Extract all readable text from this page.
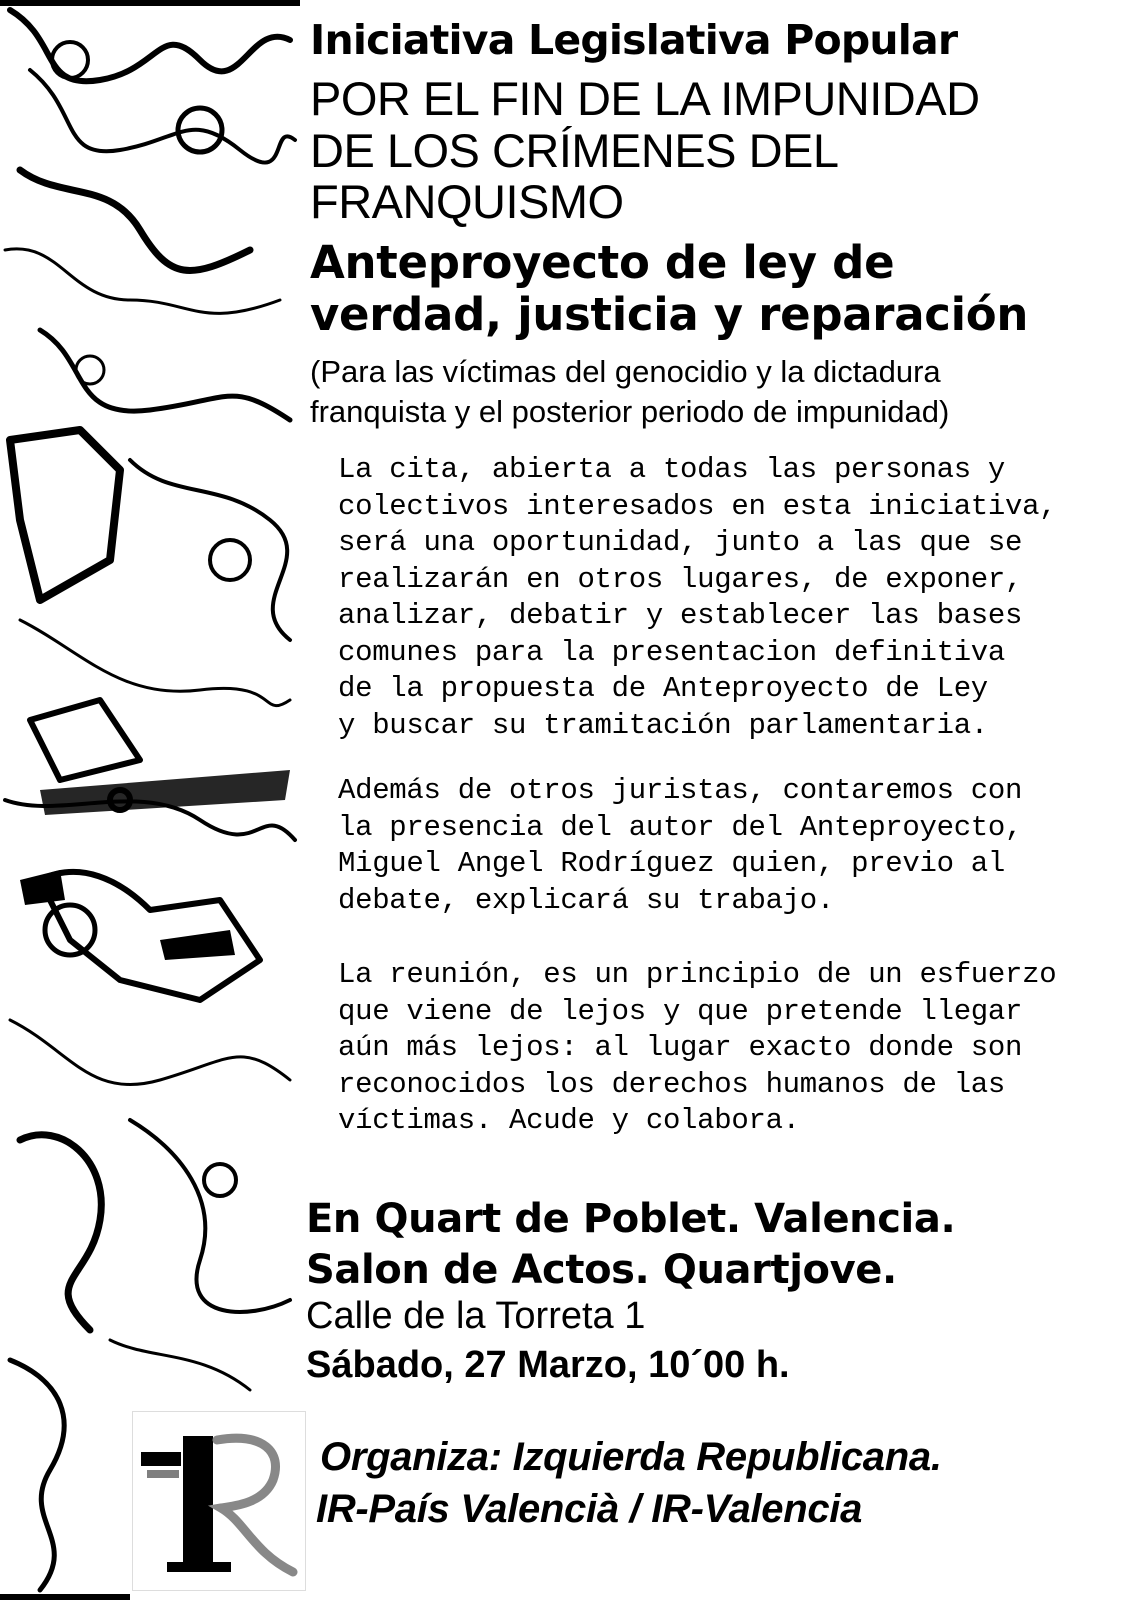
Iniciativa Legislativa Popular
POR EL FIN DE LA IMPUNIDAD
DE LOS CRÍMENES DEL
FRANQUISMO
Anteproyecto de ley de
verdad, justicia y reparación
(Para las víctimas del genocidio y la dictadura
franquista y el posterior periodo de impunidad)
La cita, abierta a todas las personas y
colectivos interesados en esta iniciativa,
será una oportunidad, junto a las que se
realizarán en otros lugares, de exponer,
analizar, debatir y establecer las bases
comunes para la presentacion definitiva
de la propuesta de Anteproyecto de Ley
y buscar su tramitación parlamentaria.
Además de otros juristas, contaremos con
la presencia del autor del Anteproyecto,
Miguel Angel Rodríguez quien, previo al
debate, explicará su trabajo.
La reunión, es un principio de un esfuerzo
que viene de lejos y que pretende llegar
aún más lejos: al lugar exacto donde son
reconocidos los derechos humanos de las
víctimas. Acude y colabora.
En Quart de Poblet. Valencia.
Salon de Actos. Quartjove.
Calle de la Torreta 1
Sábado, 27 Marzo, 10´00 h.
Organiza: Izquierda Republicana.
IR-País Valencià / IR-Valencia
